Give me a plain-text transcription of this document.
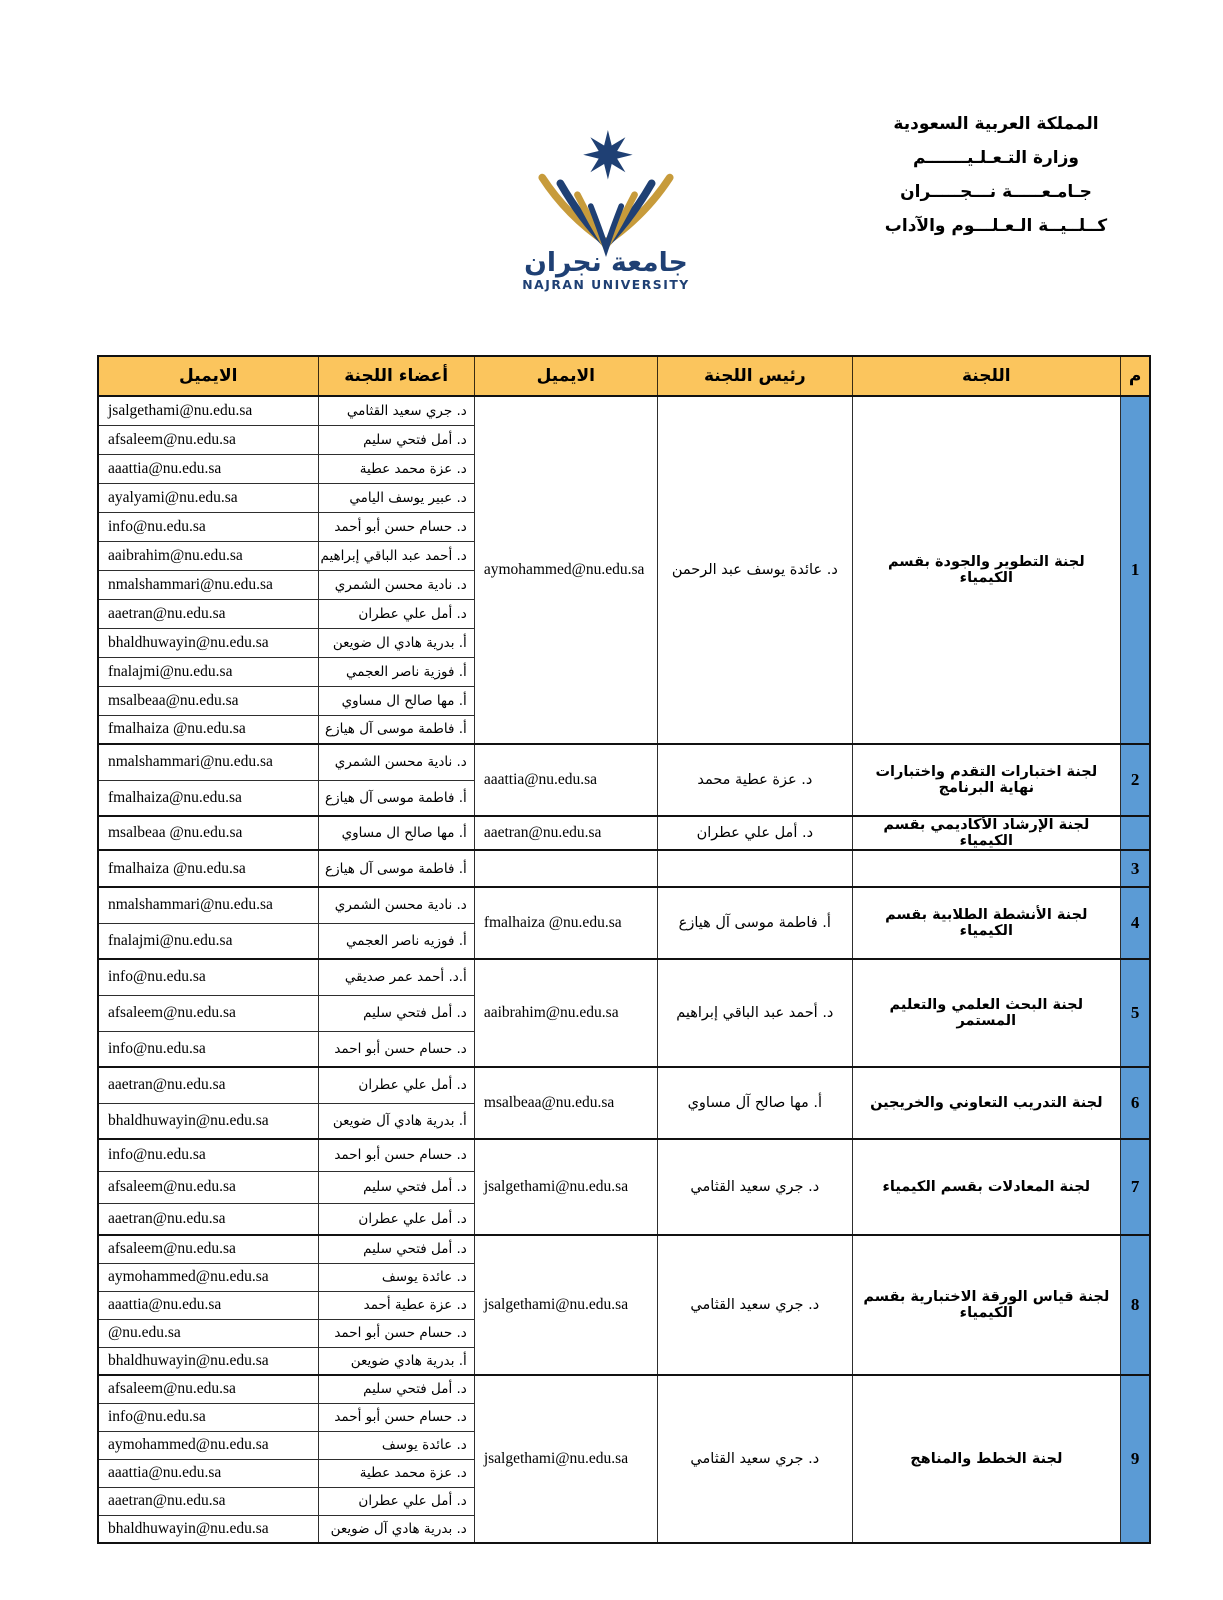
المملكة العربية السعودية
وزارة التـعـلـيـــــــم
جـامـعـــــة نـــجـــــران
كــلــيــة الـعـلـــوم والآداب
جامعة نجران
NAJRAN UNIVERSITY
م	اللجنة	رئيس اللجنة	الايميل	أعضاء اللجنة	الايميل
1	لجنة التطوير والجودة بقسم الكيمياء	د. عائدة يوسف عبد الرحمن	aymohammed@nu.edu.sa	د. جري سعيد القثامي	jsalgethami@nu.edu.sa
				د. أمل فتحي سليم	afsaleem@nu.edu.sa
				د. عزة محمد عطية	aaattia@nu.edu.sa
				د. عبير يوسف اليامي	ayalyami@nu.edu.sa
				د. حسام حسن أبو أحمد	info@nu.edu.sa
				د. أحمد عبد الباقي إبراهيم	aaibrahim@nu.edu.sa
				د. نادية محسن الشمري	nmalshammari@nu.edu.sa
				د. أمل علي عطران	aaetran@nu.edu.sa
				أ. بدرية هادي ال ضويعن	bhaldhuwayin@nu.edu.sa
				أ. فوزية ناصر العجمي	fnalajmi@nu.edu.sa
				أ. مها صالح ال مساوي	msalbeaa@nu.edu.sa
				أ. فاطمة موسى آل هيازع	fmalhaiza @nu.edu.sa
2	لجنة اختبارات التقدم واختبارات نهاية البرنامج	د. عزة عطية محمد	aaattia@nu.edu.sa	د. نادية محسن الشمري	nmalshammari@nu.edu.sa
				أ. فاطمة موسى آل هيازع	fmalhaiza@nu.edu.sa
	لجنة الإرشاد الأكاديمي بقسم الكيمياء	د. أمل علي عطران	aaetran@nu.edu.sa	أ. مها صالح ال مساوي	msalbeaa @nu.edu.sa
3				أ. فاطمة موسى آل هيازع	fmalhaiza @nu.edu.sa
4	لجنة الأنشطة الطلابية بقسم الكيمياء	أ. فاطمة موسى آل هيازع	fmalhaiza @nu.edu.sa	د. نادية محسن الشمري	nmalshammari@nu.edu.sa
				أ. فوزيه ناصر العجمي	fnalajmi@nu.edu.sa
5	لجنة البحث العلمي والتعليم المستمر	د. أحمد عبد الباقي إبراهيم	aaibrahim@nu.edu.sa	أ.د. أحمد عمر صديقي	info@nu.edu.sa
				د. أمل فتحي سليم	afsaleem@nu.edu.sa
				د. حسام حسن أبو احمد	info@nu.edu.sa
6	لجنة التدريب التعاوني والخريجين	أ. مها صالح آل مساوي	msalbeaa@nu.edu.sa	د. أمل علي عطران	aaetran@nu.edu.sa
				أ. بدرية هادي آل ضويعن	bhaldhuwayin@nu.edu.sa
7	لجنة المعادلات بقسم الكيمياء	د. جري سعيد القثامي	jsalgethami@nu.edu.sa	د. حسام حسن أبو احمد	info@nu.edu.sa
				د. أمل فتحي سليم	afsaleem@nu.edu.sa
				د. أمل علي عطران	aaetran@nu.edu.sa
8	لجنة قياس الورقة الاختبارية بقسم الكيمياء	د. جري سعيد القثامي	jsalgethami@nu.edu.sa	د. أمل فتحي سليم	afsaleem@nu.edu.sa
				د. عائدة يوسف	aymohammed@nu.edu.sa
				د. عزة عطية أحمد	aaattia@nu.edu.sa
				د. حسام حسن أبو احمد	@nu.edu.sa
				أ. بدرية هادي ضويعن	bhaldhuwayin@nu.edu.sa
9	لجنة الخطط والمناهج	د. جري سعيد القثامي	jsalgethami@nu.edu.sa	د. أمل فتحي سليم	afsaleem@nu.edu.sa
				د. حسام حسن أبو أحمد	info@nu.edu.sa
				د. عائدة يوسف	aymohammed@nu.edu.sa
				د. عزة محمد عطية	aaattia@nu.edu.sa
				د. أمل علي عطران	aaetran@nu.edu.sa
				د. بدرية هادي آل ضويعن	bhaldhuwayin@nu.edu.sa
